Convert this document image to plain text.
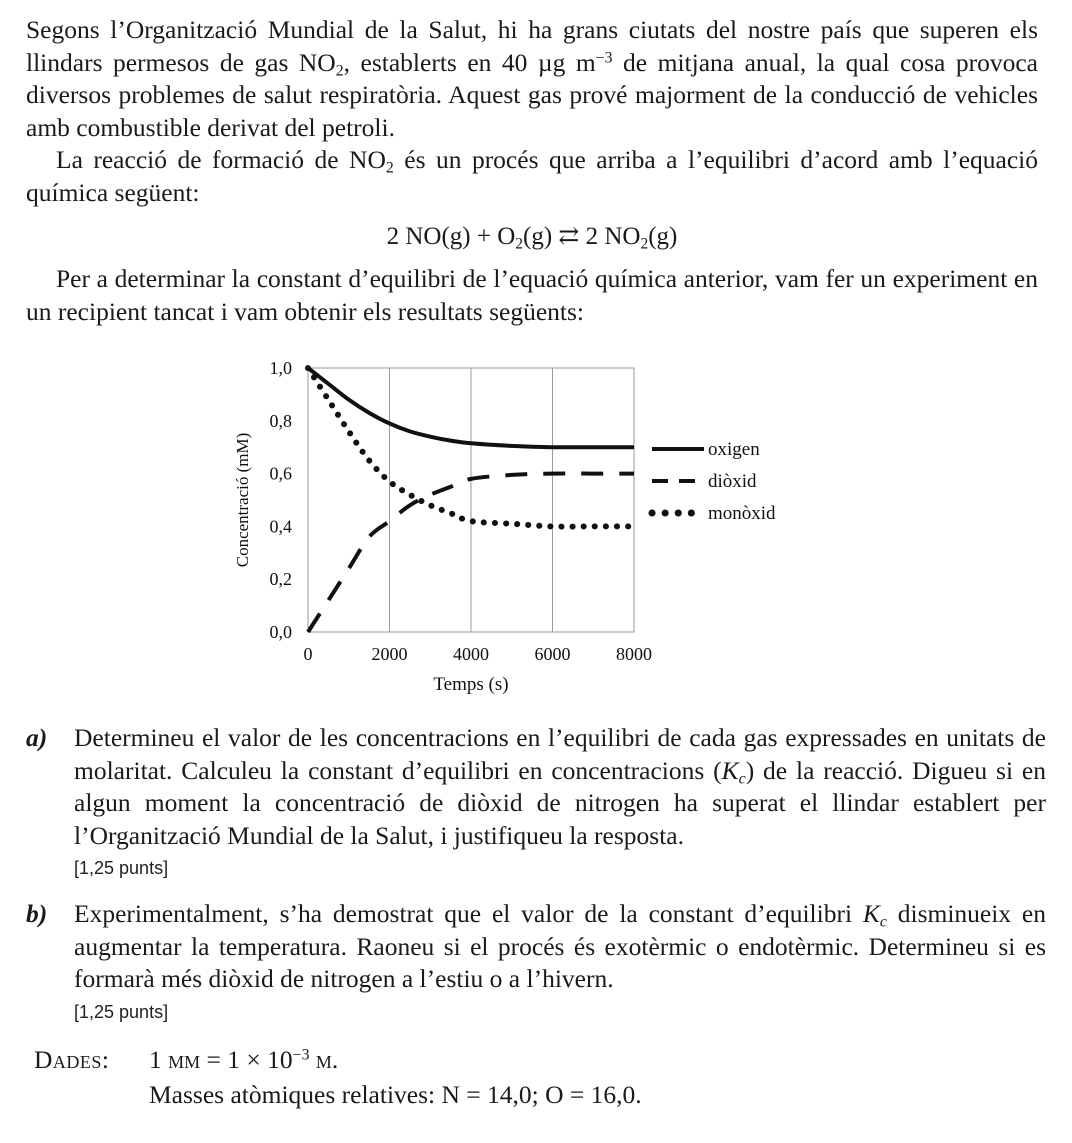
Segons l’Organització Mundial de la Salut, hi ha grans ciutats del nostre país que superen els llindars permesos de gas $NO_2$, establerts en 40 µg $m^{-3}$ de mitjana anual, la qual cosa provoca diversos problemes de salut respiratòria. Aquest gas prové majorment de la conducció de vehicles amb combustible derivat del petroli.

La reacció de formació de $NO_2$ és un procés que arriba a l’equilibri d’acord amb l’equació química següent:

2 $NO(g) + O_2(g)$ ⇄ 2 $NO_2(g)$

Per a determinar la constant d’equilibri de l’equació química anterior, vam fer un experiment en un recipient tancat i vam obtenir els resultats següents:

0	2000	4000	6000	8000
0,0
0,2
0,4
0,6
0,8
1,0
Temps (s)
Concentració (mM)	oxigen
diòxid
monòxid
a) Determineu el valor de les concentracions en l’equilibri de cada gas expressades en unitats de molaritat. Calculeu la constant d’equilibri en concentracions $(K_c)$ de la reacció. Digueu si en algun moment la concentració de diòxid de nitrogen ha superat el llindar establert per l’Organització Mundial de la Salut, i justifiqueu la resposta.
[1,25 punts]
b) Experimentalment, s’ha demostrat que el valor de la constant d’equilibri $K_c$ disminueix en augmentar la temperatura. Raoneu si el procés és exotèrmic o endotèrmic. Determineu si es formarà més diòxid de nitrogen a l’estiu o a l’hivern.
[1,25 punts]
Dades: 1 mm = $1 \times 10^{-3}$ m.
Masses atòmiques relatives: N = 14,0; O = 16,0.
